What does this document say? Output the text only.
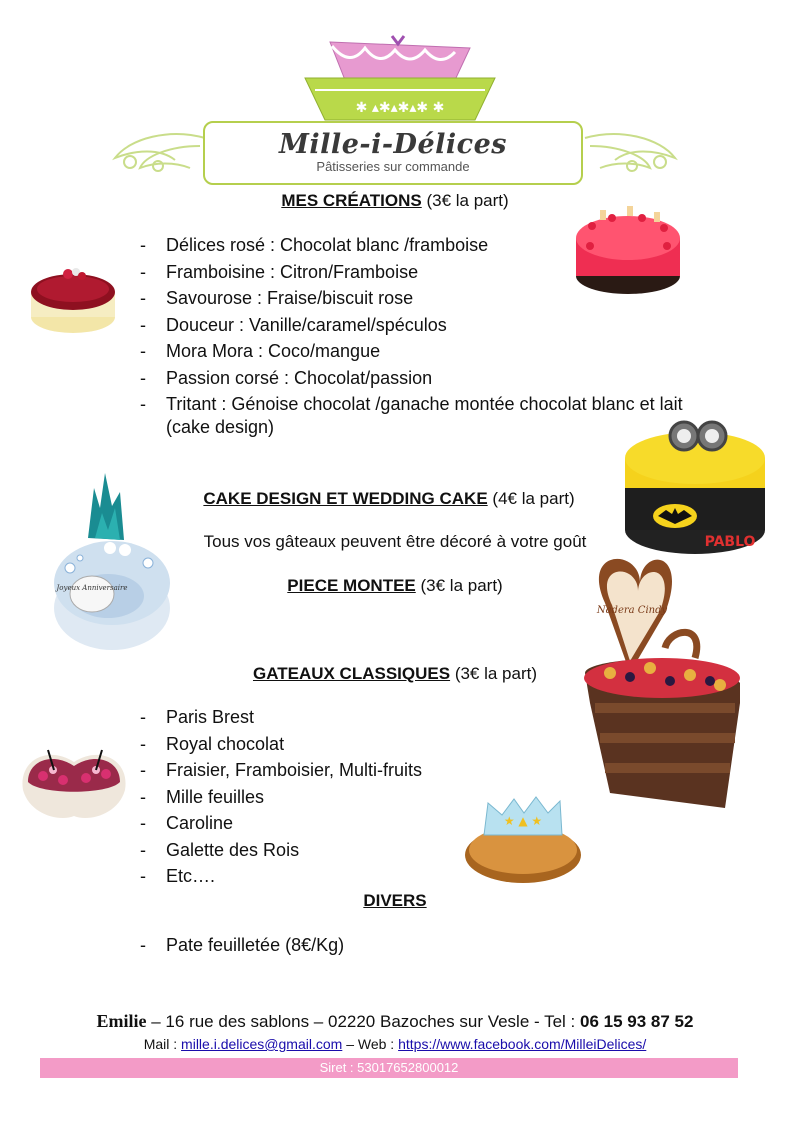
✱ ▴✱▴✱▴✱ ✱
Mille-i-Délices
Pâtisseries sur commande
MES CRÉATIONS (3€ la part)
- Délices rosé : Chocolat blanc /framboise
- Framboisine : Citron/Framboise
- Savourose : Fraise/biscuit rose
- Douceur : Vanille/caramel/spéculos
- Mora Mora : Coco/mangue
- Passion corsé : Chocolat/passion
- Tritant : Génoise chocolat /ganache montée chocolat blanc et lait
(cake design)
CAKE DESIGN ET WEDDING CAKE (4€ la part)
Tous vos gâteaux peuvent être décoré à votre goût
PIECE MONTEE (3€ la part)
GATEAUX CLASSIQUES (3€ la part)
- Paris Brest
- Royal chocolat
- Fraisier, Framboisier, Multi-fruits
- Mille feuilles
- Caroline
- Galette des Rois
- Etc….
DIVERS
- Pate feuilletée (8€/Kg)
PABLO
Joyeux Anniversaire
Nadera Cindy
★ ▲ ★
Emilie – 16 rue des sablons – 02220 Bazoches sur Vesle - Tel : 06 15 93 87 52
Mail : mille.i.delices@gmail.com – Web : https://www.facebook.com/MilleiDelices/
Siret : 53017652800012
